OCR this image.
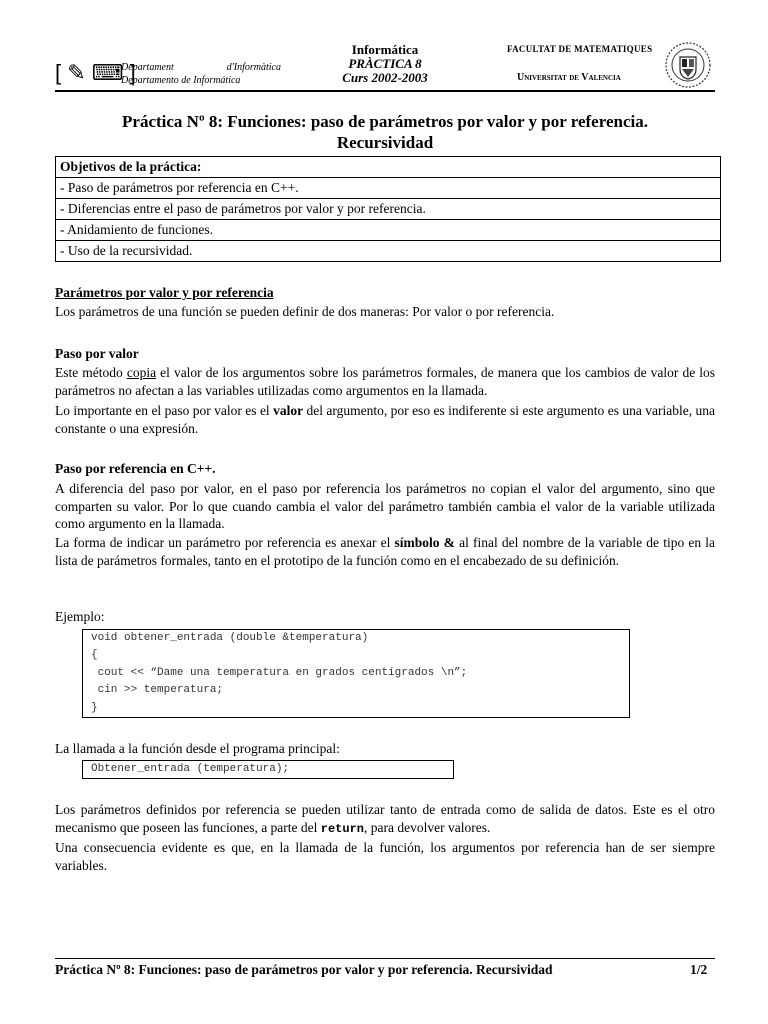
[ ✎ ⌨ ]
Departament	d'Informàtica
Departamento de Informática
Informática
PRÀCTICA 8
Curs 2002-2003
FACULTAT DE MATEMATIQUES
Universitat de Valencia
Práctica Nº 8: Funciones: paso de parámetros por valor y por referencia.
Recursividad
Objetivos de la práctica:
- Paso de parámetros por referencia en C++.
- Diferencias entre el paso de parámetros por valor y por referencia.
- Anidamiento de funciones.
- Uso de la recursividad.
Parámetros por valor y por referencia
Los parámetros de una función se pueden definir de dos maneras: Por valor o por referencia.
Paso por valor
Este método copia el valor de los argumentos sobre los parámetros formales, de manera que los cambios de valor de los parámetros no afectan a las variables utilizadas como argumentos en la llamada.
Lo importante en el paso por valor es el valor del argumento, por eso es indiferente si este argumento es una variable, una constante o una expresión.
Paso por referencia en C++.
A diferencia del paso por valor, en el paso por referencia los parámetros no copian el valor del argumento, sino que comparten su valor. Por lo que cuando cambia el valor del parámetro también cambia el valor de la variable utilizada como argumento en la llamada.
La forma de indicar un parámetro por referencia es anexar el símbolo & al final del nombre de la variable de tipo en la lista de parámetros formales, tanto en el prototipo de la función como en el encabezado de su definición.
Ejemplo:
void obtener_entrada (double &temperatura)
{
cout << “Dame una temperatura en grados centígrados \n”;
cin >> temperatura;
}
La llamada a la función desde el programa principal:
Obtener_entrada (temperatura);
Los parámetros definidos por referencia se pueden utilizar tanto de entrada como de salida de datos. Este es el otro mecanismo que poseen las funciones, a parte del return, para devolver valores.
Una consecuencia evidente es que, en la llamada de la función, los argumentos por referencia han de ser siempre variables.
Práctica Nº 8: Funciones: paso de parámetros por valor y por referencia. Recursividad	1/2
